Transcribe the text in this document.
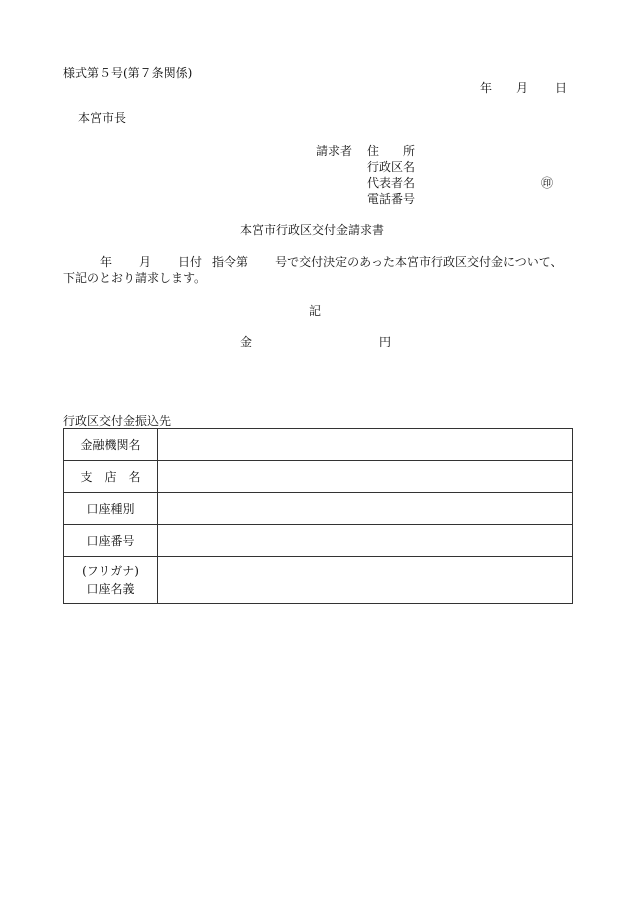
様式第５号(第７条関係)
年 月 日
本宮市長
請求者 住　　所
行政区名
代表者名	㊞
電話番号
本宮市行政区交付金請求書
年 月 日付 指令第 号で交付決定のあった本宮市行政区交付金について、
下記のとおり請求します。
記
金	円
行政区交付金振込先
金融機関名	
支　店　名	
口座種別	
口座番号	

(フリガナ)
口座名義	
